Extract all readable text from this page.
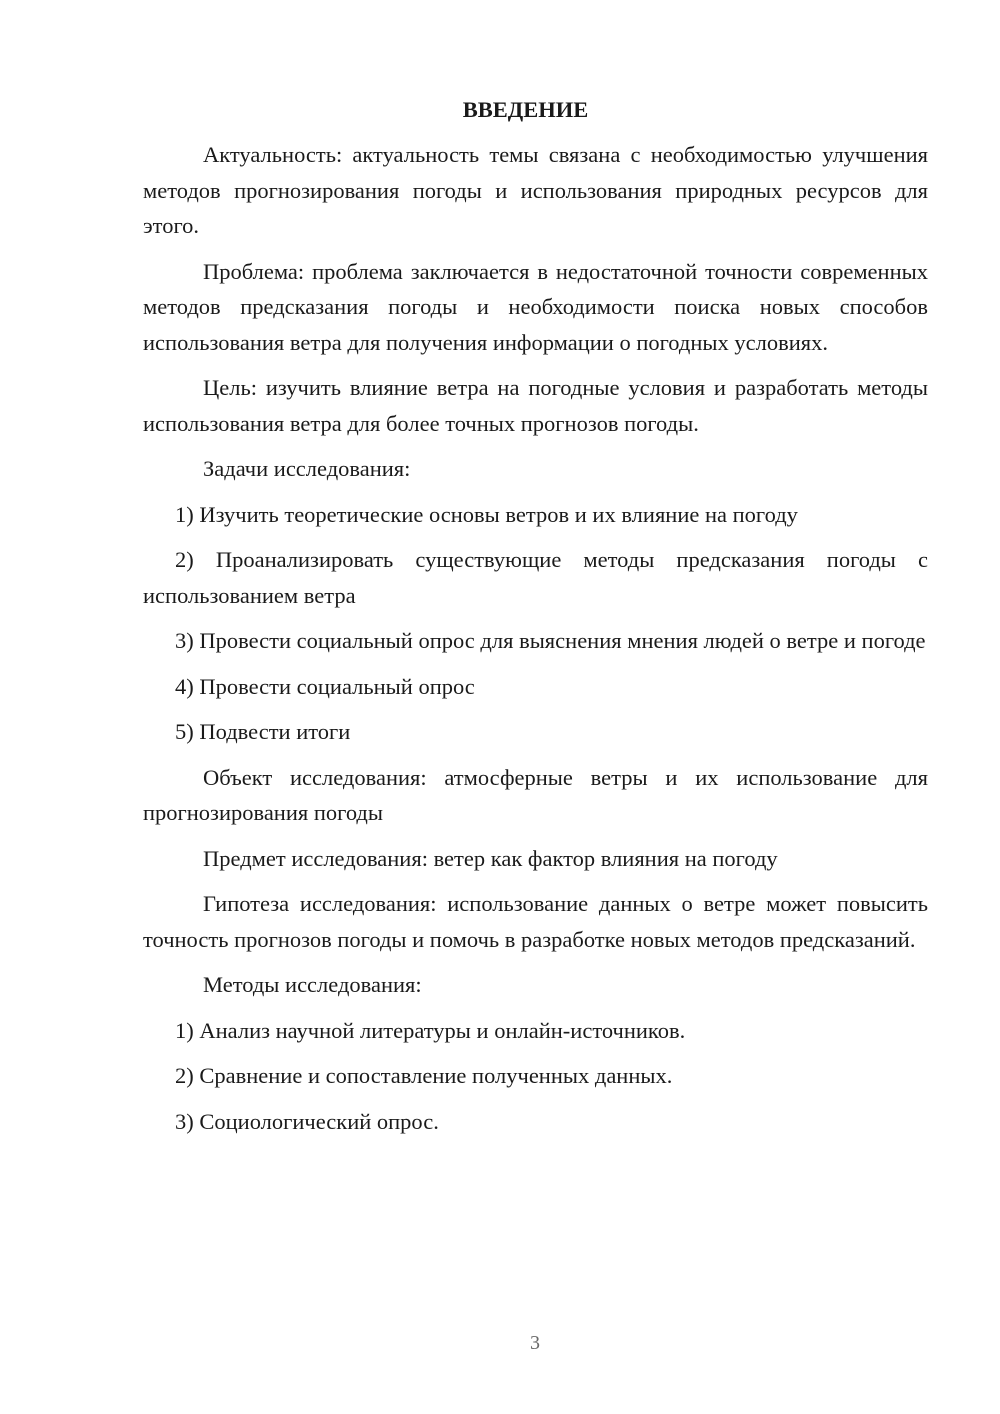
ВВЕДЕНИЕ

Актуальность: актуальность темы связана с необходимостью улучшения методов прогнозирования погоды и использования природных ресурсов для этого.

Проблема: проблема заключается в недостаточной точности современных методов предсказания погоды и необходимости поиска новых способов использования ветра для получения информации о погодных условиях.

Цель: изучить влияние ветра на погодные условия и разработать методы использования ветра для более точных прогнозов погоды.

Задачи исследования:

1) Изучить теоретические основы ветров и их влияние на погоду

2) Проанализировать существующие методы предсказания погоды с использованием ветра

3) Провести социальный опрос для выяснения мнения людей о ветре и погоде

4) Провести социальный опрос

5) Подвести итоги

Объект исследования: атмосферные ветры и их использование для прогнозирования погоды

Предмет исследования: ветер как фактор влияния на погоду

Гипотеза исследования: использование данных о ветре может повысить точность прогнозов погоды и помочь в разработке новых методов предсказаний.

Методы исследования:

1) Анализ научной литературы и онлайн-источников.

2) Сравнение и сопоставление полученных данных.

3) Социологический опрос.

3
